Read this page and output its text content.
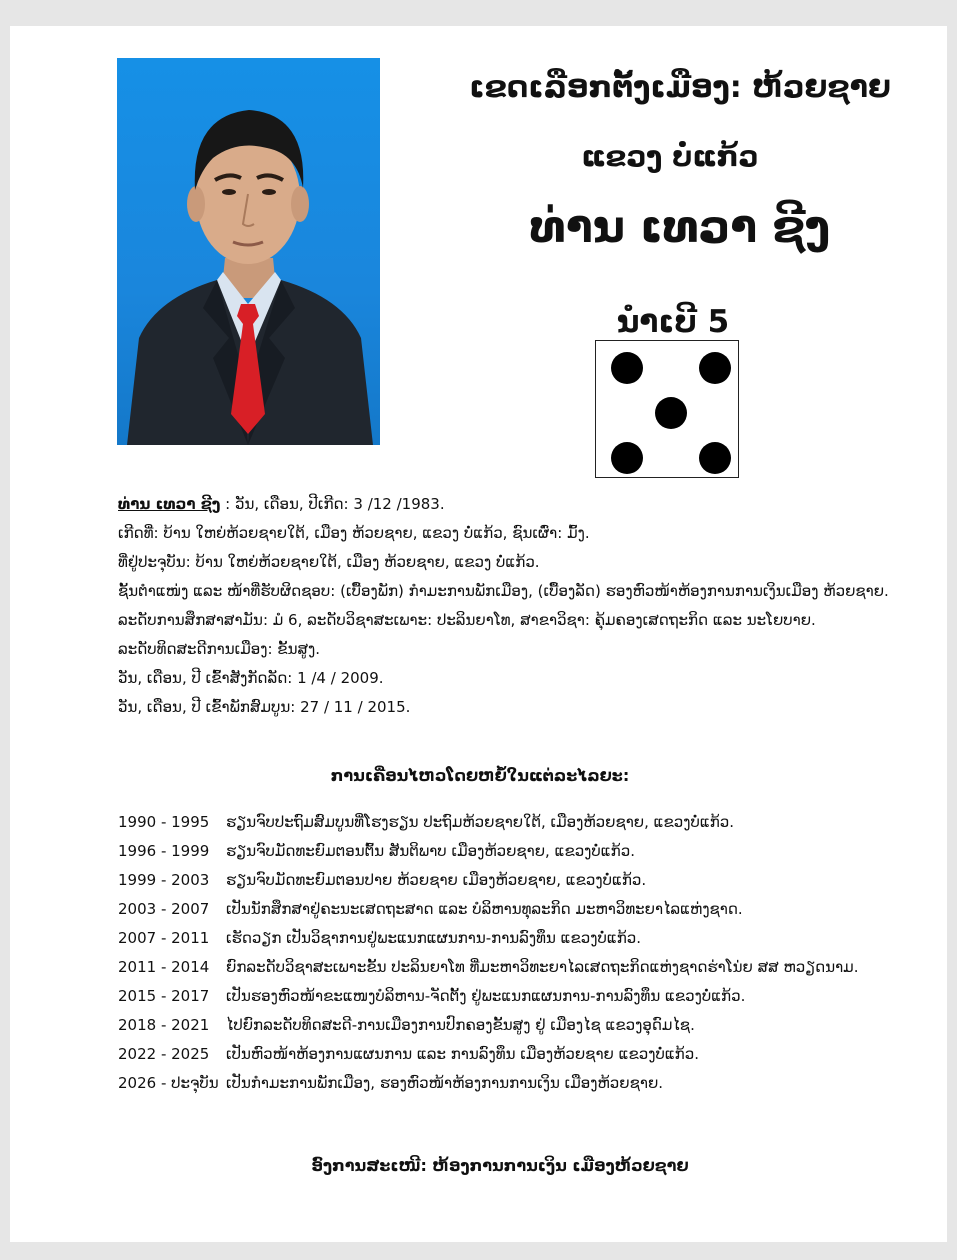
ເຂດເລືອກຕັ້ງເມືອງ: ຫ້ວຍຊາຍ
ແຂວງ ບໍ່ແກ້ວ
ທ່ານ ເທວາ ຊີງ
ນໍາເບີ 5

ທ່ານ ເທວາ ຊີງ : ວັນ, ເດືອນ, ປີເກີດ: 3 /12 /1983.

ເກີດທີ່: ບ້ານ ໃຫຍ່ຫ້ວຍຊາຍໃຕ້, ເມືອງ ຫ້ວຍຊາຍ, ແຂວງ ບໍ່ແກ້ວ, ຊົນເຜົ່າ: ມົ້ງ.

ທີ່ຢູ່ປະຈຸບັນ: ບ້ານ ໃຫຍ່ຫ້ວຍຊາຍໃຕ້, ເມືອງ ຫ້ວຍຊາຍ, ແຂວງ ບໍ່ແກ້ວ.

ຊັ້ນຕໍາແໜ່ງ ແລະ ໜ້າທີ່ຮັບຜິດຊອບ: (ເບື້ອງພັກ) ກໍາມະການພັກເມືອງ, (ເບື້ອງລັດ) ຮອງຫົວໜ້າຫ້ອງການການເງິນເມືອງ ຫ້ວຍຊາຍ.

ລະດັບການສຶກສາສາມັນ: ມໍ 6, ລະດັບວິຊາສະເພາະ: ປະລິນຍາໂທ, ສາຂາວິຊາ: ຄຸ້ມຄອງເສດຖະກິດ ແລະ ນະໂຍບາຍ.

ລະດັບທິດສະດີການເມືອງ: ຂັ້ນສູງ.

ວັນ, ເດືອນ, ປີ ເຂົ້າສັງກັດລັດ: 1 /4 / 2009.

ວັນ, ເດືອນ, ປີ ເຂົ້າພັກສົມບູນ: 27 / 11 / 2015.

ການເຄື່ອນໄຫວໂດຍຫຍໍ້ໃນແຕ່ລະໄລຍະ:
1990 - 1995	ຮຽນຈົບປະຖົມສົມບູນທີ່ໂຮງຮຽນ ປະຖົມຫ້ວຍຊາຍໃຕ້, ເມືອງຫ້ວຍຊາຍ, ແຂວງບໍ່ແກ້ວ.
1996 - 1999	ຮຽນຈົບມັດທະຍົມຕອນຕົ້ນ ສັນຕິພາບ ເມືອງຫ້ວຍຊາຍ, ແຂວງບໍ່ແກ້ວ.
1999 - 2003	ຮຽນຈົບມັດທະຍົມຕອນປາຍ ຫ້ວຍຊາຍ ເມືອງຫ້ວຍຊາຍ, ແຂວງບໍ່ແກ້ວ.
2003 - 2007	ເປັນນັກສຶກສາຢູ່ຄະນະເສດຖະສາດ ແລະ ບໍລິຫານທຸລະກິດ ມະຫາວິທະຍາໄລແຫ່ງຊາດ.
2007 - 2011	ເຮັດວຽກ ເປັນວິຊາການຢູ່ພະແນກແຜນການ-ການລົງທຶນ ແຂວງບໍ່ແກ້ວ.
2011 - 2014	ຍົກລະດັບວິຊາສະເພາະຂັ້ນ ປະລິນຍາໂທ ທີ່ມະຫາວິທະຍາໄລເສດຖະກິດແຫ່ງຊາດຮ່າໂນ່ຍ ສສ ຫວຽດນາມ.
2015 - 2017	ເປັນຮອງຫົວໜ້າຂະແໜງບໍລິຫານ-ຈັດຕັ້ງ ຢູ່ພະແນກແຜນການ-ການລົງທຶນ ແຂວງບໍ່ແກ້ວ.
2018 - 2021	ໄປຍົກລະດັບທິດສະດີ-ການເມືອງການປົກຄອງຂັ້ນສູງ ຢູ່ ເມືອງໄຊ ແຂວງອຸດົມໄຊ.
2022 - 2025	ເປັນຫົວໜ້າຫ້ອງການແຜນການ ແລະ ການລົງທຶນ ເມືອງຫ້ວຍຊາຍ ແຂວງບໍ່ແກ້ວ.
2026 - ປະຈຸບັນ ເປັນກໍາມະການພັກເມືອງ, ຮອງຫົວໜ້າຫ້ອງການການເງິນ ເມືອງຫ້ວຍຊາຍ.
ອົງການສະເໜີ: ຫ້ອງການການເງິນ ເມືອງຫ້ວຍຊາຍ
